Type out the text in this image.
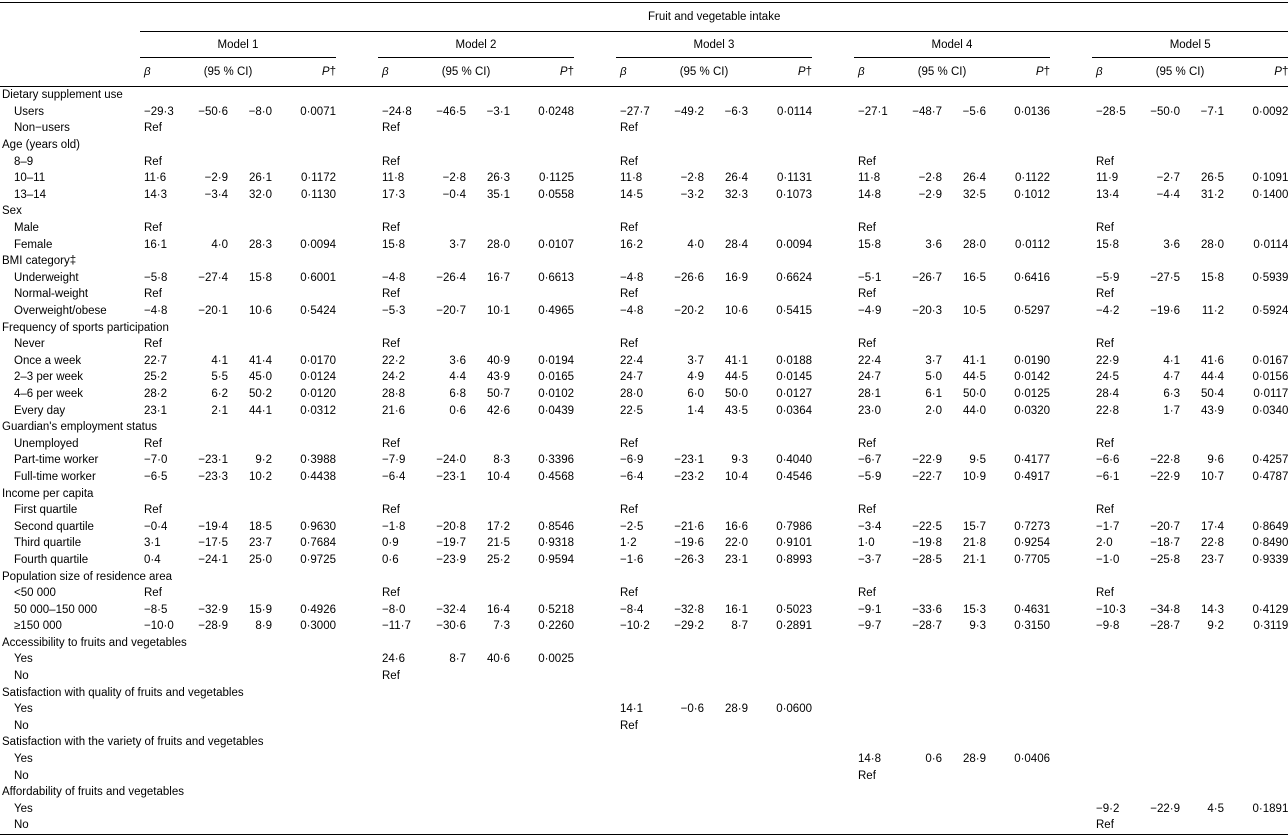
	Fruit and vegetable intake																							
	Model 1					Model 2					Model 3					Model 4					Model 5			
	β	(95 % CI)		P†		β	(95 % CI)		P†		β	(95 % CI)		P†		β	(95 % CI)		P†		β	(95 % CI)		P†
Dietary supplement use																								
Users	−29·3	−50·6	−8·0	0·0071		−24·8	−46·5	−3·1	0·0248		−27·7	−49·2	−6·3	0·0114		−27·1	−48·7	−5·6	0·0136		−28·5	−50·0	−7·1	0·0092
Non−users	Ref					Ref					Ref													
Age (years old)																								
8–9	Ref					Ref					Ref					Ref					Ref			
10–11	11·6	−2·9	26·1	0·1172		11·8	−2·8	26·3	0·1125		11·8	−2·8	26·4	0·1131		11·8	−2·8	26·4	0·1122		11·9	−2·7	26·5	0·1091
13–14	14·3	−3·4	32·0	0·1130		17·3	−0·4	35·1	0·0558		14·5	−3·2	32·3	0·1073		14·8	−2·9	32·5	0·1012		13·4	−4·4	31·2	0·1400
Sex																								
Male	Ref					Ref					Ref					Ref					Ref			
Female	16·1	4·0	28·3	0·0094		15·8	3·7	28·0	0·0107		16·2	4·0	28·4	0·0094		15·8	3·6	28·0	0·0112		15·8	3·6	28·0	0·0114
BMI category‡																								
Underweight	−5·8	−27·4	15·8	0·6001		−4·8	−26·4	16·7	0·6613		−4·8	−26·6	16·9	0·6624		−5·1	−26·7	16·5	0·6416		−5·9	−27·5	15·8	0·5939
Normal-weight	Ref					Ref					Ref					Ref					Ref			
Overweight/obese	−4·8	−20·1	10·6	0·5424		−5·3	−20·7	10·1	0·4965		−4·8	−20·2	10·6	0·5415		−4·9	−20·3	10·5	0·5297		−4·2	−19·6	11·2	0·5924
Frequency of sports participation																								
Never	Ref					Ref					Ref					Ref					Ref			
Once a week	22·7	4·1	41·4	0·0170		22·2	3·6	40·9	0·0194		22·4	3·7	41·1	0·0188		22·4	3·7	41·1	0·0190		22·9	4·1	41·6	0·0167
2–3 per week	25·2	5·5	45·0	0·0124		24·2	4·4	43·9	0·0165		24·7	4·9	44·5	0·0145		24·7	5·0	44·5	0·0142		24·5	4·7	44·4	0·0156
4–6 per week	28·2	6·2	50·2	0·0120		28·8	6·8	50·7	0·0102		28·0	6·0	50·0	0·0127		28·1	6·1	50·0	0·0125		28·4	6·3	50·4	0·0117
Every day	23·1	2·1	44·1	0·0312		21·6	0·6	42·6	0·0439		22·5	1·4	43·5	0·0364		23·0	2·0	44·0	0·0320		22·8	1·7	43·9	0·0340
Guardian's employment status																								
Unemployed	Ref					Ref					Ref					Ref					Ref			
Part-time worker	−7·0	−23·1	9·2	0·3988		−7·9	−24·0	8·3	0·3396		−6·9	−23·1	9·3	0·4040		−6·7	−22·9	9·5	0·4177		−6·6	−22·8	9·6	0·4257
Full-time worker	−6·5	−23·3	10·2	0·4438		−6·4	−23·1	10·4	0·4568		−6·4	−23·2	10·4	0·4546		−5·9	−22·7	10·9	0·4917		−6·1	−22·9	10·7	0·4787
Income per capita																								
First quartile	Ref					Ref					Ref					Ref					Ref			
Second quartile	−0·4	−19·4	18·5	0·9630		−1·8	−20·8	17·2	0·8546		−2·5	−21·6	16·6	0·7986		−3·4	−22·5	15·7	0·7273		−1·7	−20·7	17·4	0·8649
Third quartile	3·1	−17·5	23·7	0·7684		0·9	−19·7	21·5	0·9318		1·2	−19·6	22·0	0·9101		1·0	−19·8	21·8	0·9254		2·0	−18·7	22·8	0·8490
Fourth quartile	0·4	−24·1	25·0	0·9725		0·6	−23·9	25·2	0·9594		−1·6	−26·3	23·1	0·8993		−3·7	−28·5	21·1	0·7705		−1·0	−25·8	23·7	0·9339
Population size of residence area																								
<50 000	Ref					Ref					Ref					Ref					Ref			
50 000–150 000	−8·5	−32·9	15·9	0·4926		−8·0	−32·4	16·4	0·5218		−8·4	−32·8	16·1	0·5023		−9·1	−33·6	15·3	0·4631		−10·3	−34·8	14·3	0·4129
≥150 000	−10·0	−28·9	8·9	0·3000		−11·7	−30·6	7·3	0·2260		−10·2	−29·2	8·7	0·2891		−9·7	−28·7	9·3	0·3150		−9·8	−28·7	9·2	0·3119
Accessibility to fruits and vegetables																								
Yes						24·6	8·7	40·6	0·0025															
No						Ref																		
Satisfaction with quality of fruits and vegetables																								
Yes											14·1	−0·6	28·9	0·0600										
No											Ref													
Satisfaction with the variety of fruits and vegetables																								
Yes																14·8	0·6	28·9	0·0406					
No																Ref								
Affordability of fruits and vegetables																								
Yes																					−9·2	−22·9	4·5	0·1891
No																					Ref			
